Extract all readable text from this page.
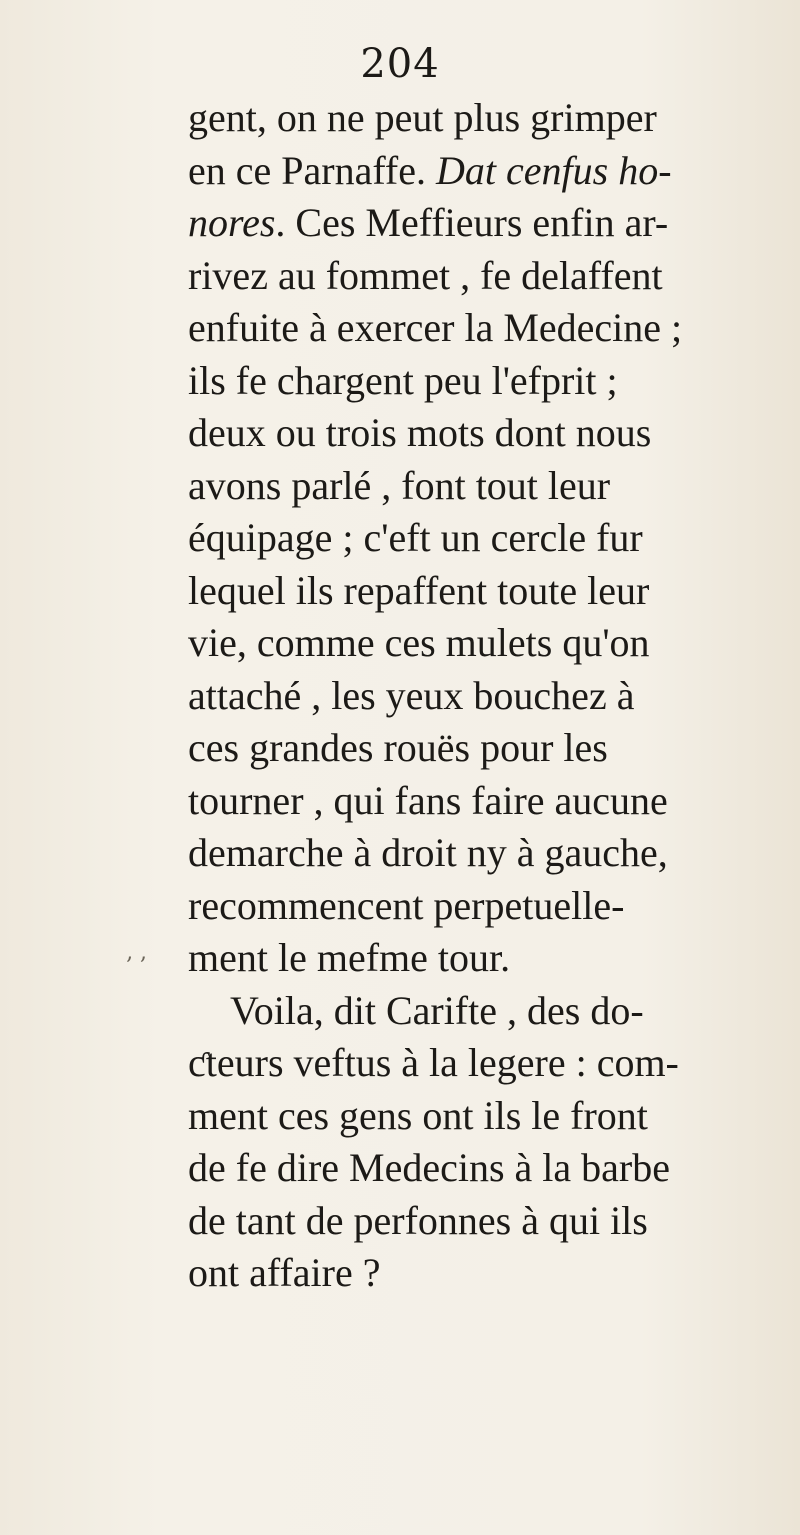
204
gent, on ne peut plus grimper
en ce Parnaffe. Dat cenfus ho-
nores. Ces Meffieurs enfin ar-
rivez au fommet , fe delaffent
enfuite à exercer la Medecine ;
ils fe chargent peu l'efprit ;
deux ou trois mots dont nous
avons parlé , font tout leur
équipage ; c'eft un cercle fur
lequel ils repaffent toute leur
vie, comme ces mulets qu'on
attaché , les yeux bouchez à
ces grandes rouës pour les
tourner , qui fans faire aucune
demarche à droit ny à gauche,
recommencent perpetuelle-
ment le mefme tour.
Voila, dit Carifte , des do-
ƈteurs veftus à la legere : com-
ment ces gens ont ils le front
de fe dire Medecins à la barbe
de tant de perfonnes à qui ils
ont affaire ?
‚ ,
